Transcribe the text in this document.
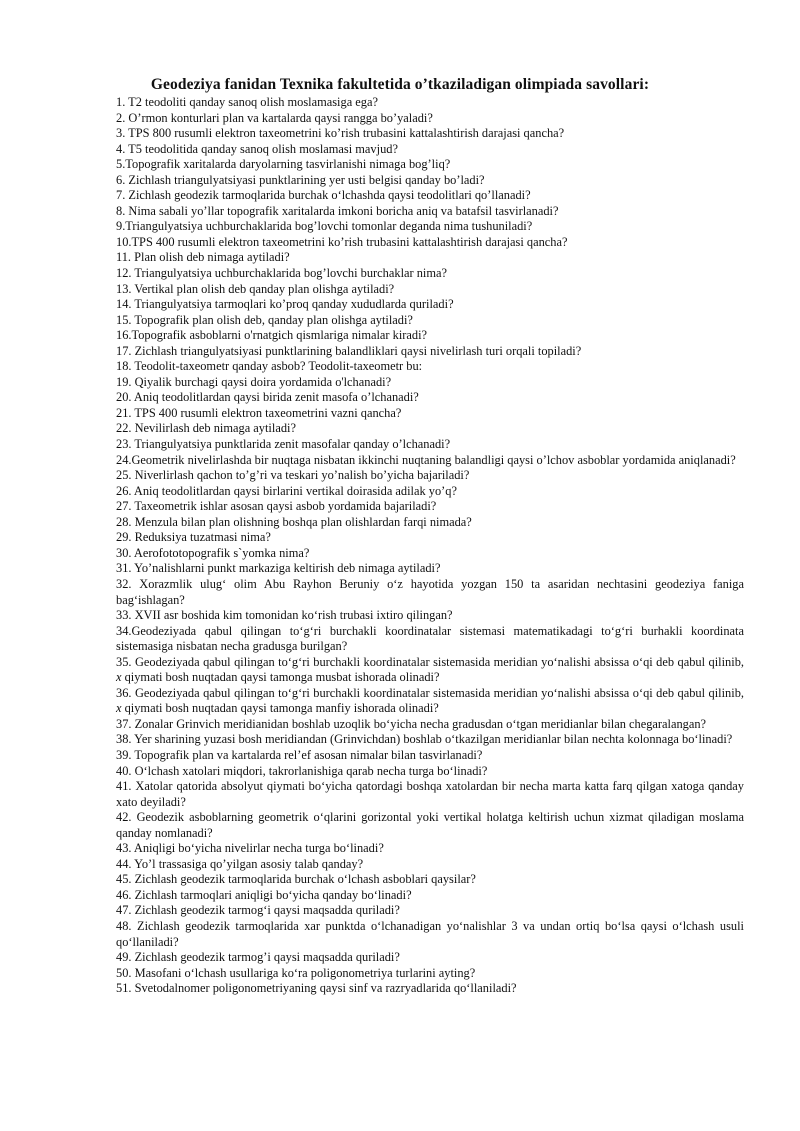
Geodeziya fanidan Texnika fakultetida o’tkaziladigan olimpiada savollari:

1. T2 teodoliti qanday sanoq olish moslamasiga ega?

2. O’rmon konturlari plan va kartalarda qaysi rangga bo’yaladi?

3. TPS 800 rusumli elektron taxeometrini ko’rish trubasini kattalashtirish darajasi qancha?

4. T5 teodolitida qanday sanoq olish moslamasi mavjud?

5.Topografik xaritalarda daryolarning tasvirlanishi nimaga bog’liq?

6. Zichlash triangulyatsiyasi punktlarining yer usti belgisi qanday bo’ladi?

7. Zichlash geodezik tarmoqlarida burchak o‘lchashda qaysi teodolitlari qo’llanadi?

8. Nima sabali yo’llar topografik xaritalarda imkoni boricha aniq va batafsil tasvirlanadi?

9.Triangulyatsiya uchburchaklarida bog’lovchi tomonlar deganda nima tushuniladi?

10.TPS 400 rusumli elektron taxeometrini ko’rish trubasini kattalashtirish darajasi qancha?

11. Plan olish deb nimaga aytiladi?

12. Triangulyatsiya uchburchaklarida bog’lovchi burchaklar nima?

13. Vertikal plan olish deb qanday plan olishga aytiladi?

14. Triangulyatsiya tarmoqlari ko’proq qanday xududlarda quriladi?

15. Topografik plan olish deb, qanday plan olishga aytiladi?

16.Topografik asboblarni o'rnatgich qismlariga nimalar kiradi?

17. Zichlash triangulyatsiyasi punktlarining balandliklari qaysi nivelirlash turi orqali topiladi?

18. Teodolit-taxeometr qanday asbob? Teodolit-taxeometr bu:

19. Qiyalik burchagi qaysi doira yordamida o'lchanadi?

20. Aniq teodolitlardan qaysi birida zenit masofa o’lchanadi?

21. TPS 400 rusumli elektron taxeometrini vazni qancha?

22. Nevilirlash deb nimaga aytiladi?

23. Triangulyatsiya punktlarida zenit masofalar qanday o’lchanadi?

24.Geometrik nivelirlashda bir nuqtaga nisbatan ikkinchi nuqtaning balandligi qaysi o’lchov asboblar yordamida aniqlanadi?

25. Niverlirlash qachon to’g’ri va teskari yo’nalish bo’yicha bajariladi?

26. Aniq teodolitlardan qaysi birlarini vertikal doirasida adilak yo’q?

27. Taxeometrik ishlar asosan qaysi asbob yordamida bajariladi?

28. Menzula bilan plan olishning boshqa plan olishlardan farqi nimada?

29. Reduksiya tuzatmasi nima?

30. Aerofototopografik s`yomka nima?

31. Yo’nalishlarni punkt markaziga keltirish deb nimaga aytiladi?

32. Xorazmlik ulug‘ olim Abu Rayhon Beruniy o‘z hayotida yozgan 150 ta asaridan nechtasini geodeziya faniga bag‘ishlagan?

33. XVII asr boshida kim tomonidan ko‘rish trubasi ixtiro qilingan?

34.Geodeziyada qabul qilingan to‘g‘ri burchakli koordinatalar sistemasi matematikadagi to‘g‘ri burhakli koordinata sistemasiga nisbatan necha gradusga burilgan?

35. Geodeziyada qabul qilingan to‘g‘ri burchakli koordinatalar sistemasida meridian yo‘nalishi absissa o‘qi deb qabul qilinib, x qiymati bosh nuqtadan qaysi tamonga musbat ishorada olinadi?

36. Geodeziyada qabul qilingan to‘g‘ri burchakli koordinatalar sistemasida meridian yo‘nalishi absissa o‘qi deb qabul qilinib, x qiymati bosh nuqtadan qaysi tamonga manfiy ishorada olinadi?

37. Zonalar Grinvich meridianidan boshlab uzoqlik bo‘yicha necha gradusdan o‘tgan meridianlar bilan chegaralangan?

38. Yer sharining yuzasi bosh meridiandan (Grinvichdan) boshlab o‘tkazilgan meridianlar bilan nechta kolonnaga bo‘linadi?

39. Topografik plan va kartalarda rel’ef asosan nimalar bilan tasvirlanadi?

40. O‘lchash xatolari miqdori, takrorlanishiga qarab necha turga bo‘linadi?

41. Xatolar qatorida absolyut qiymati bo‘yicha qatordagi boshqa xatolardan bir necha marta katta farq qilgan xatoga qanday xato deyiladi?

42. Geodezik asboblarning geometrik o‘qlarini gorizontal yoki vertikal holatga keltirish uchun xizmat qiladigan moslama qanday nomlanadi?

43. Aniqligi bo‘yicha nivelirlar necha turga bo‘linadi?

44. Yo’l trassasiga qo’yilgan asosiy talab qanday?

45. Zichlash geodezik tarmoqlarida burchak o‘lchash asboblari qaysilar?

46. Zichlash tarmoqlari aniqligi bo‘yicha qanday bo‘linadi?

47. Zichlash geodezik tarmog‘i qaysi maqsadda quriladi?

48. Zichlash geodezik tarmoqlarida xar punktda o‘lchanadigan yo‘nalishlar 3 va undan ortiq bo‘lsa qaysi o‘lchash usuli qo‘llaniladi?

49. Zichlash geodezik tarmog’i qaysi maqsadda quriladi?

50. Masofani o‘lchash usullariga ko‘ra poligonometriya turlarini ayting?

51. Svetodalnomer poligonometriyaning qaysi sinf va razryadlarida qo‘llaniladi?
